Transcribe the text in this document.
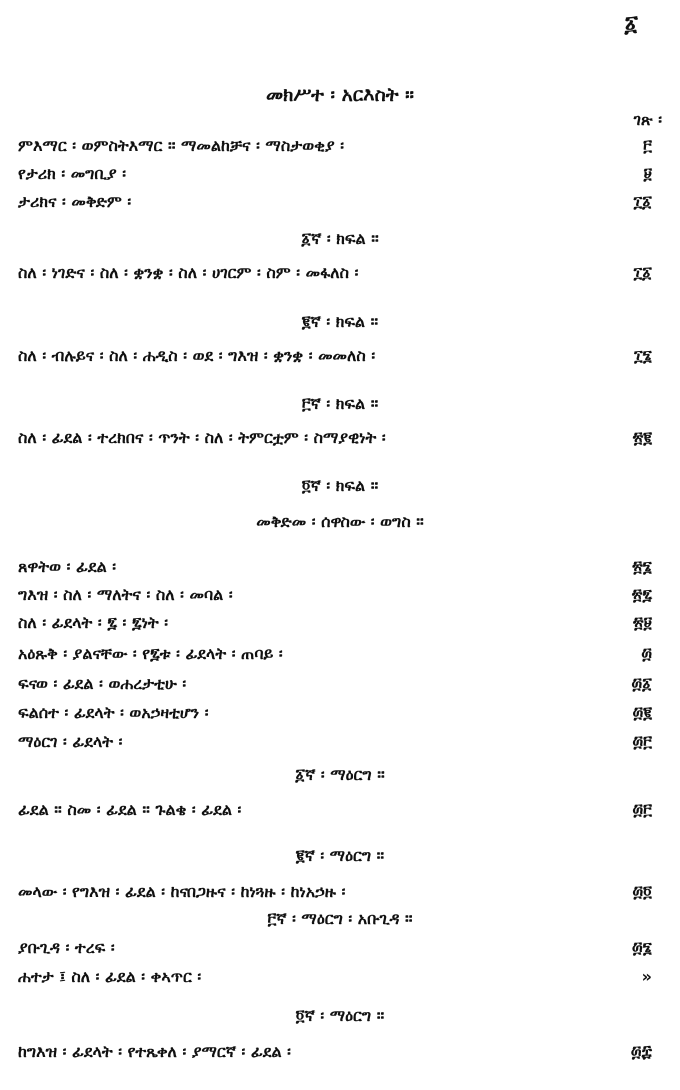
፩
መክሥተ ፡ አርእስት ።
ገጽ ፡
ምእማር ፡ ወምስትእማር ። ማመልከቻና ፡ ማስታወቂያ ፡	፫
የታሪክ ፡ መግቢያ ፡	፱
ታሪክና ፡ መቅድም ፡	፲፩
፩ኛ ፡ ክፍል ።
ስለ ፡ ነገድና ፡ ስለ ፡ ቋንቋ ፡ ስለ ፡ ሀገርም ፡ ስም ፡ መፋለስ ፡	፲፩
፪ኛ ፡ ክፍል ።
ስለ ፡ ብሉይና ፡ ስለ ፡ ሐዲስ ፡ ወደ ፡ ግእዝ ፡ ቋንቋ ፡ መመለስ ፡	፲፮
፫ኛ ፡ ክፍል ።
ስለ ፡ ፊደል ፡ ተረክበና ፡ ጥንት ፡ ስለ ፡ ትምርቷም ፡ ስማያዊነት ፡	፳፪
፬ኛ ፡ ክፍል ።
መቅድመ ፡ ሰዋስው ፡ ወግስ ።
ጸዋትወ ፡ ፊደል ፡	፳፮
ግእዝ ፡ ስለ ፡ ማለትና ፡ ስለ ፡ መባል ፡	፳፯
ስለ ፡ ፊደላት ፡ ፯ ፡ ፯ነት ፡	፳፱
አዕጹቅ ፡ ያልናቸው ፡ የ፯ቱ ፡ ፊደላት ፡ ጠባይ ፡	፴
ፍናወ ፡ ፊደል ፡ ወሐረታቲሁ ፡	፴፩
ፍልሰተ ፡ ፊደላት ፡ ወአኃዛቲሆን ፡	፴፪
ማዕርገ ፡ ፊደላት ፡	፴፫
፩ኛ ፡ ማዕርግ ።
ፊደል ። ስመ ፡ ፊደል ። ጉልቄ ፡ ፊደል ፡	፴፫
፪ኛ ፡ ማዕርግ ።
መላው ፡ የግእዝ ፡ ፊደል ፡ ከናበጋዙና ፡ ከነጓዙ ፡ ከነአኃዙ ፡	፴፬
፫ኛ ፡ ማዕርግ ፡ አቡጊዳ ።
ያቡጊዳ ፡ ተረፍ ፡	፴፮
ሐተታ ፤ ስለ ፡ ፊደል ፡ ቀኣጥር ፡	»
፬ኛ ፡ ማዕርግ ።
ከግእዝ ፡ ፊደላት ፡ የተጼቀለ ፡ ያማርኛ ፡ ፊደል ፡	፴፰
